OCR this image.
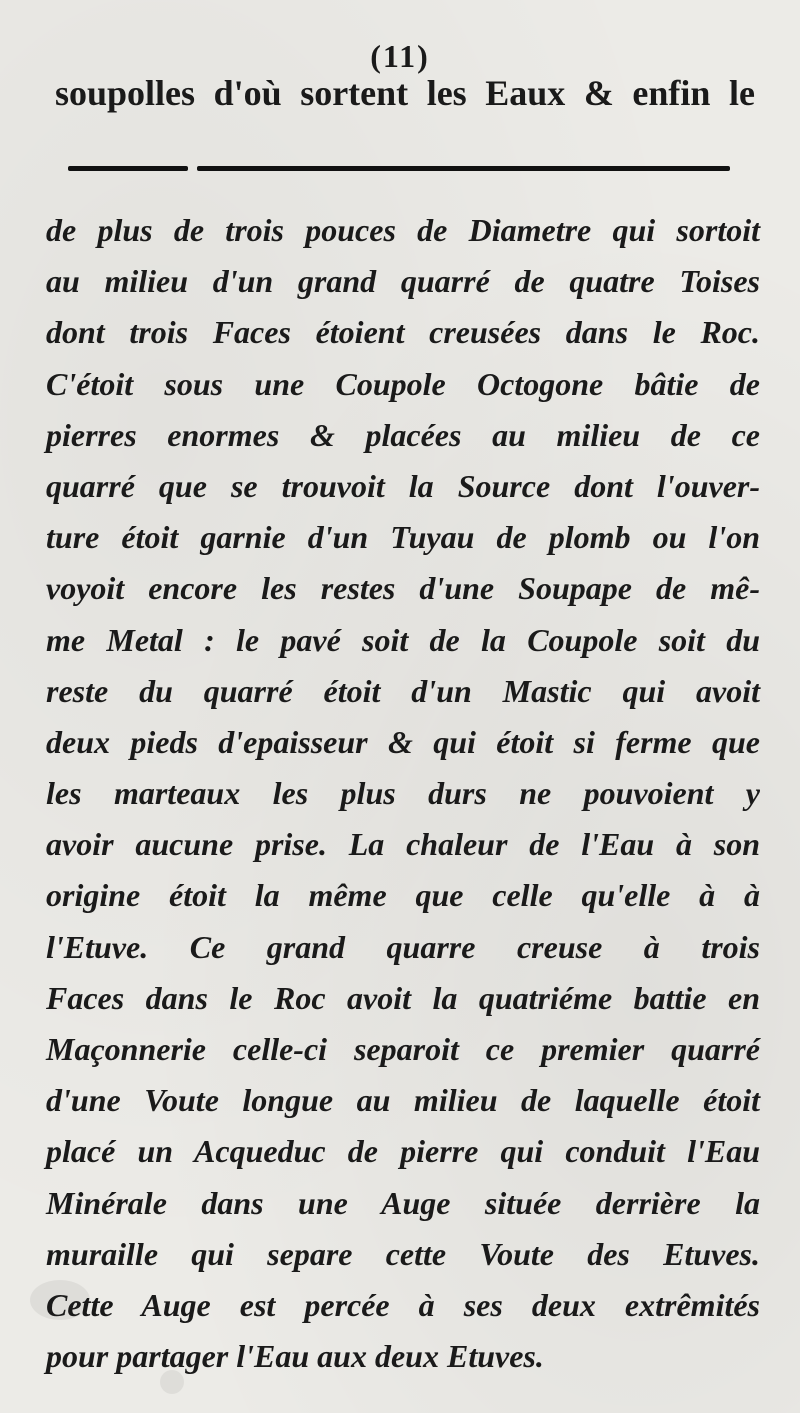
(11)
soupolles d'où sortent les Eaux & enfin le
de plus de trois pouces de Diametre qui sortoit
au milieu d'un grand quarré de quatre Toises
dont trois Faces étoient creusées dans le Roc.
C'étoit sous une Coupole Octogone bâtie de
pierres enormes & placées au milieu de ce
quarré que se trouvoit la Source dont l'ouver-
ture étoit garnie d'un Tuyau de plomb ou l'on
voyoit encore les restes d'une Soupape de mê-
me Metal : le pavé soit de la Coupole soit du
reste du quarré étoit d'un Mastic qui avoit
deux pieds d'epaisseur & qui étoit si ferme que
les marteaux les plus durs ne pouvoient y
avoir aucune prise. La chaleur de l'Eau à son
origine étoit la même que celle qu'elle à à
l'Etuve. Ce grand quarre creuse à trois
Faces dans le Roc avoit la quatriéme battie en
Maçonnerie celle-ci separoit ce premier quarré
d'une Voute longue au milieu de laquelle étoit
placé un Acqueduc de pierre qui conduit l'Eau
Minérale dans une Auge située derrière la
muraille qui separe cette Voute des Etuves.
Cette Auge est percée à ses deux extrêmités
pour partager l'Eau aux deux Etuves.
